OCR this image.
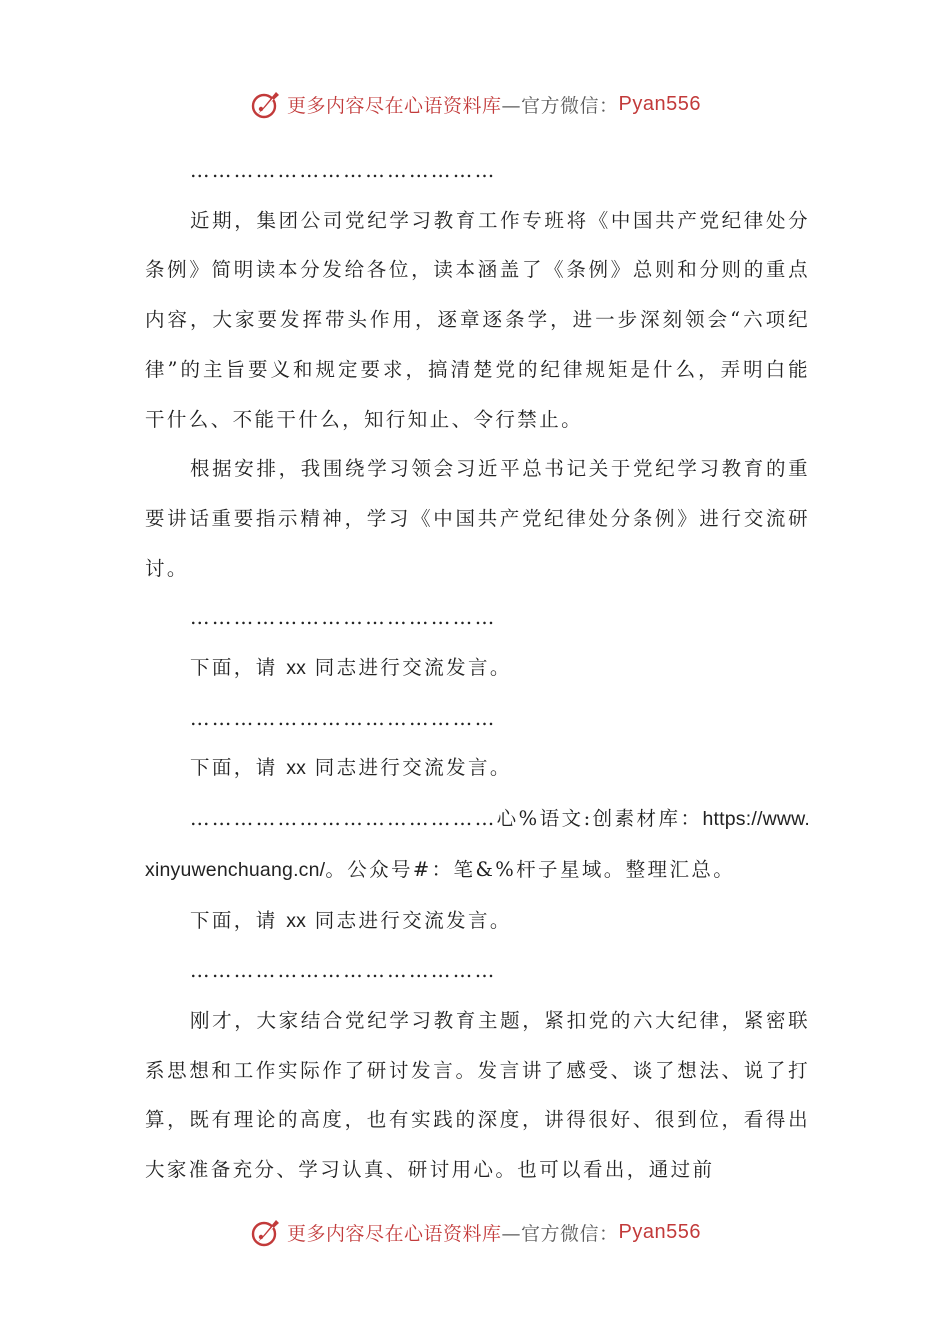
更多内容尽在心语资料库 —官方微信： Pyan556

……………………………………

近期，集团公司党纪学习教育工作专班将《中国共产党纪律处分条例》简明读本分发给各位，读本涵盖了《条例》总则和分则的重点内容，大家要发挥带头作用，逐章逐条学，进一步深刻领会“六项纪律”的主旨要义和规定要求，搞清楚党的纪律规矩是什么，弄明白能干什么、不能干什么，知行知止、令行禁止。

根据安排，我围绕学习领会习近平总书记关于党纪学习教育的重要讲话重要指示精神，学习《中国共产党纪律处分条例》进行交流研讨。

……………………………………

下面，请 xx 同志进行交流发言。

……………………………………

下面，请 xx 同志进行交流发言。

……………………………………心%语文:创素材库：https://www.xinyuwenchuang.cn/。公众号#：笔&%杆子星域。整理汇总。

下面，请 xx 同志进行交流发言。

……………………………………

刚才，大家结合党纪学习教育主题，紧扣党的六大纪律，紧密联系思想和工作实际作了研讨发言。发言讲了感受、谈了想法、说了打算，既有理论的高度，也有实践的深度，讲得很好、很到位，看得出大家准备充分、学习认真、研讨用心。也可以看出，通过前

更多内容尽在心语资料库 —官方微信： Pyan556
